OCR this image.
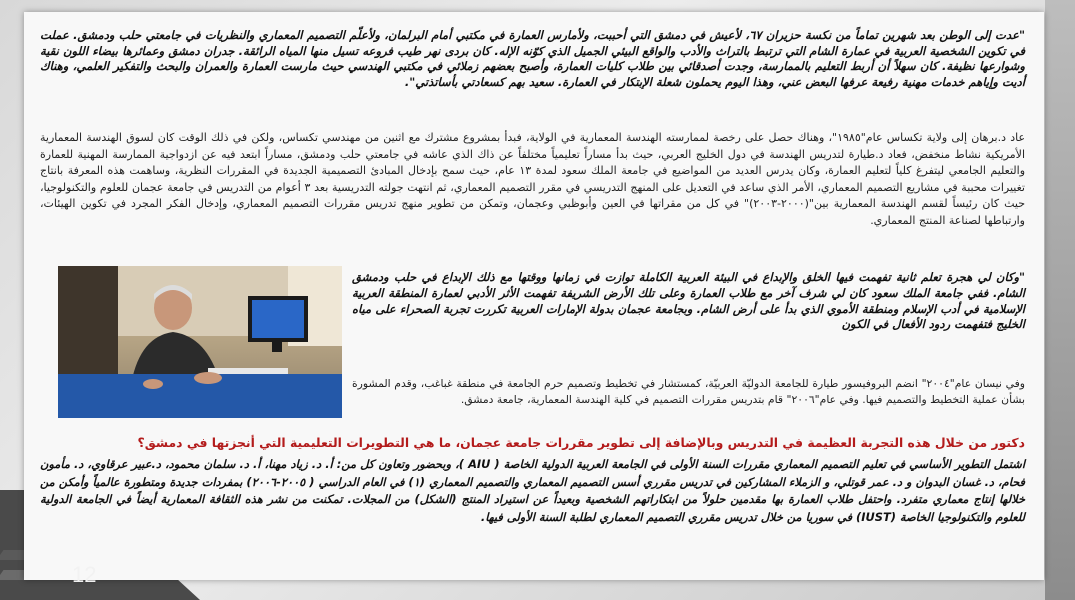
"عدت إلى الوطن بعد شهرين تماماً من نكسة حزيران ٦٧، لأعيش في دمشق التي أحببت، ولأمارس العمارة في مكتبي أمام البرلمان، ولأعلّم التصميم المعماري والنظريات في جامعتي حلب ودمشق. عملت في تكوين الشخصية العربية في عمارة الشام التي ترتبط بالتراث والأدب والواقع البيئي الجميل الذي كوّنه الإله. كان بردى نهر طيب فروعه تسيل منها المياه الرائقة. جدران دمشق وعمائرها بيضاء اللون نقية وشوارعها نظيفة. كان سهلاً أن أربط التعليم بالممارسة، وجدت أصدقائي بين طلاب كليات العمارة، وأصبح بعضهم زملائي في مكتبي الهندسي حيث مارست العمارة والعمران والبحث والتفكير العلمي، وهناك أديت وإياهم خدمات مهنية رفيعة عرفها البعض عني، وهذا اليوم يحملون شعلة الإبتكار في العمارة. سعيد بهم كسعادتي بأساتذتي".
عاد د.برهان إلى ولاية تكساس عام"١٩٨٥"، وهناك حصل على رخصة لممارسته الهندسة المعمارية في الولاية، فبدأ بمشروع مشترك مع اثنين من مهندسي تكساس، ولكن في ذلك الوقت كان لسوق الهندسة المعمارية الأمريكية نشاط منخفض، فعاد د.طيارة لتدريس الهندسة في دول الخليج العربي، حيث بدأ مساراً تعليمياً مختلفاً عن ذاك الذي عاشه في جامعتي حلب ودمشق، مساراً ابتعد فيه عن ازدواجية الممارسة المهنية للعمارة والتعليم الجامعي ليتفرغ كلياً لتعليم العمارة، وكان يدرس العديد من المواضيع في جامعة الملك سعود لمدة ١٣ عام، حيث سمح بإدخال المبادئ التصميمية الجديدة في المقررات النظرية، وساهمت هذه المعرفة بانتاج تغييرات محببة في مشاريع التصميم المعماري، الأمر الذي ساعد في التعديل على المنهج التدريسي في مقرر التصميم المعماري، ثم انتهت جولته التدريسية بعد ٣ أعوام من التدريس في جامعة عجمان للعلوم والتكنولوجيا، حيث كان رئيساً لقسم الهندسة المعمارية بين"(٢٠٠٠-٢٠٠٣)" في كل من مقراتها في العين وأبوظبي وعجمان، وتمكن من تطوير منهج تدريس مقررات التصميم المعماري، وإدخال الفكر المجرد في تكوين الهيئات، وارتباطها لصناعة المنتج المعماري.
"وكان لي هجرة تعلم ثانية تفهمت فيها الخلق والإبداع في البيئة العربية الكاملة توازت في زمانها ووقتها مع ذلك الإبداع في حلب ودمشق الشام. ففي جامعة الملك سعود كان لي شرف آخر مع طلاب العمارة وعلى تلك الأرض الشريفة تفهمت الأثر الأدبي لعمارة المنطقة العربية الإسلامية في أدب الإسلام ومنطقة الأموي الذي بدأ على أرض الشام. وبجامعة عجمان بدولة الإمارات العربية تكررت تجربة الصحراء على مياه الخليج فتفهمت ردود الأفعال في الكون
وفي نيسان عام"٢٠٠٤" انضم البروفيسور طيارة للجامعة الدوليّة العربيّة، كمستشار في تخطيط وتصميم حرم الجامعة في منطقة غباغب، وقدم المشورة بشأن عملية التخطيط والتصميم فيها. وفي عام"٢٠٠٦" قام بتدريس مقررات التصميم في كلية الهندسة المعمارية، جامعة دمشق.
دكتور من خلال هذه التجربة العظيمة في التدريس وبالإضافة إلى تطوير مقررات جامعة عجمان، ما هي التطويرات التعليمية التي أنجزتها في دمشق؟
اشتمل التطوير الأساسي في تعليم التصميم المعماري مقررات السنة الأولى في الجامعة العربية الدولية الخاصة ( AIU )، وبحضور وتعاون كل من: أ. د. زياد مهنا، أ. د. سلمان محمود، د.عبير عرقاوي، د. مأمون فحام، د. غسان البدوان و د. عمر قوتلي، و الزملاء المشاركين في تدريس مقرري أسس التصميم المعماري والتصميم المعماري (١) في العام الدراسي ( ٢٠٠٥-٢٠٠٦) بمفردات جديدة ومتطورة عالمياً وأمكن من خلالها إنتاج معماري متفرد. واحتفل طلاب العمارة بها مقدمين حلولاً من ابتكاراتهم الشخصية وبعيداً عن استيراد المنتج (الشكل) من المجلات. تمكنت من نشر هذه الثقافة المعمارية أيضاً في الجامعة الدولية للعلوم والتكنولوجيا الخاصة (IUST) في سوريا من خلال تدريس مقرري التصميم المعماري لطلبة السنة الأولى فيها.
12
